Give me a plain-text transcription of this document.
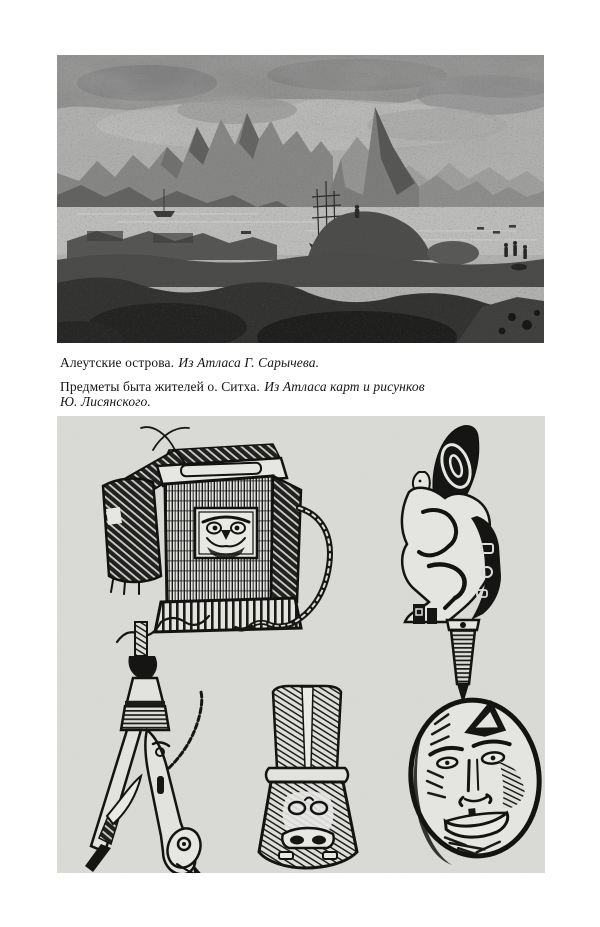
Алеутские острова. Из Атласа Г. Сарычева.

Предметы быта жителей о. Ситха. Из Атласа карт и рисунков
Ю. Лисянского.
